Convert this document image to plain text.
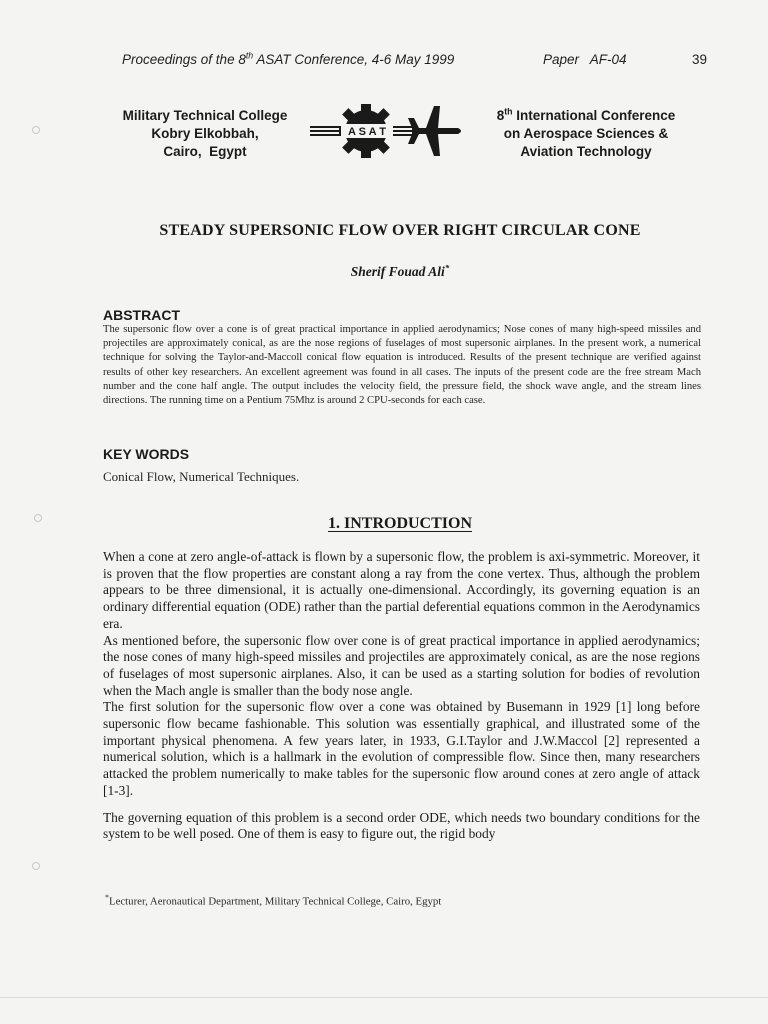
Proceedings of the 8th ASAT Conference, 4-6 May 1999	Paper   AF-04	39
Military Technical College
Kobry Elkobbah,
Cairo,  Egypt
A S A T
8th International Conference
on Aerospace Sciences &
Aviation Technology
STEADY SUPERSONIC FLOW OVER RIGHT CIRCULAR CONE
Sherif Fouad Ali*
ABSTRACT
The supersonic flow over a cone is of great practical importance in applied aerodynamics; Nose cones of many high-speed missiles and projectiles are approximately conical, as are the nose regions of fuselages of most supersonic airplanes. In the present work, a numerical technique for solving the Taylor-and-Maccoll conical flow equation is introduced. Results of the present technique are verified against results of other key researchers. An excellent agreement was found in all cases. The inputs of the present code are the free stream Mach number and the cone half angle. The output includes the velocity field, the pressure field, the shock wave angle, and the stream lines directions. The running time on a Pentium 75Mhz is around 2 CPU-seconds for each case.
KEY WORDS
Conical Flow, Numerical Techniques.
1. INTRODUCTION

When a cone at zero angle-of-attack is flown by a supersonic flow, the problem is axi-symmetric. Moreover, it is proven that the flow properties are constant along a ray from the cone vertex. Thus, although the problem appears to be three dimensional, it is actually one-dimensional. Accordingly, its governing equation is an ordinary differential equation (ODE) rather than the partial deferential equations common in the Aerodynamics era.

As mentioned before, the supersonic flow over cone is of great practical importance in applied aerodynamics; the nose cones of many high-speed missiles and projectiles are approximately conical, as are the nose regions of fuselages of most supersonic airplanes. Also, it can be used as a starting solution for bodies of revolution when the Mach angle is smaller than the body nose angle.

The first solution for the supersonic flow over a cone was obtained by Busemann in 1929 [1] long before supersonic flow became fashionable. This solution was essentially graphical, and illustrated some of the important physical phenomena. A few years later, in 1933, G.I.Taylor and J.W.Maccol [2] represented a numerical solution, which is a hallmark in the evolution of compressible flow. Since then, many researchers attacked the problem numerically to make tables for the supersonic flow around cones at zero angle of attack [1-3].

The governing equation of this problem is a second order ODE, which needs two boundary conditions for the system to be well posed. One of them is easy to figure out, the rigid body

*Lecturer, Aeronautical Department, Military Technical College, Cairo, Egypt
